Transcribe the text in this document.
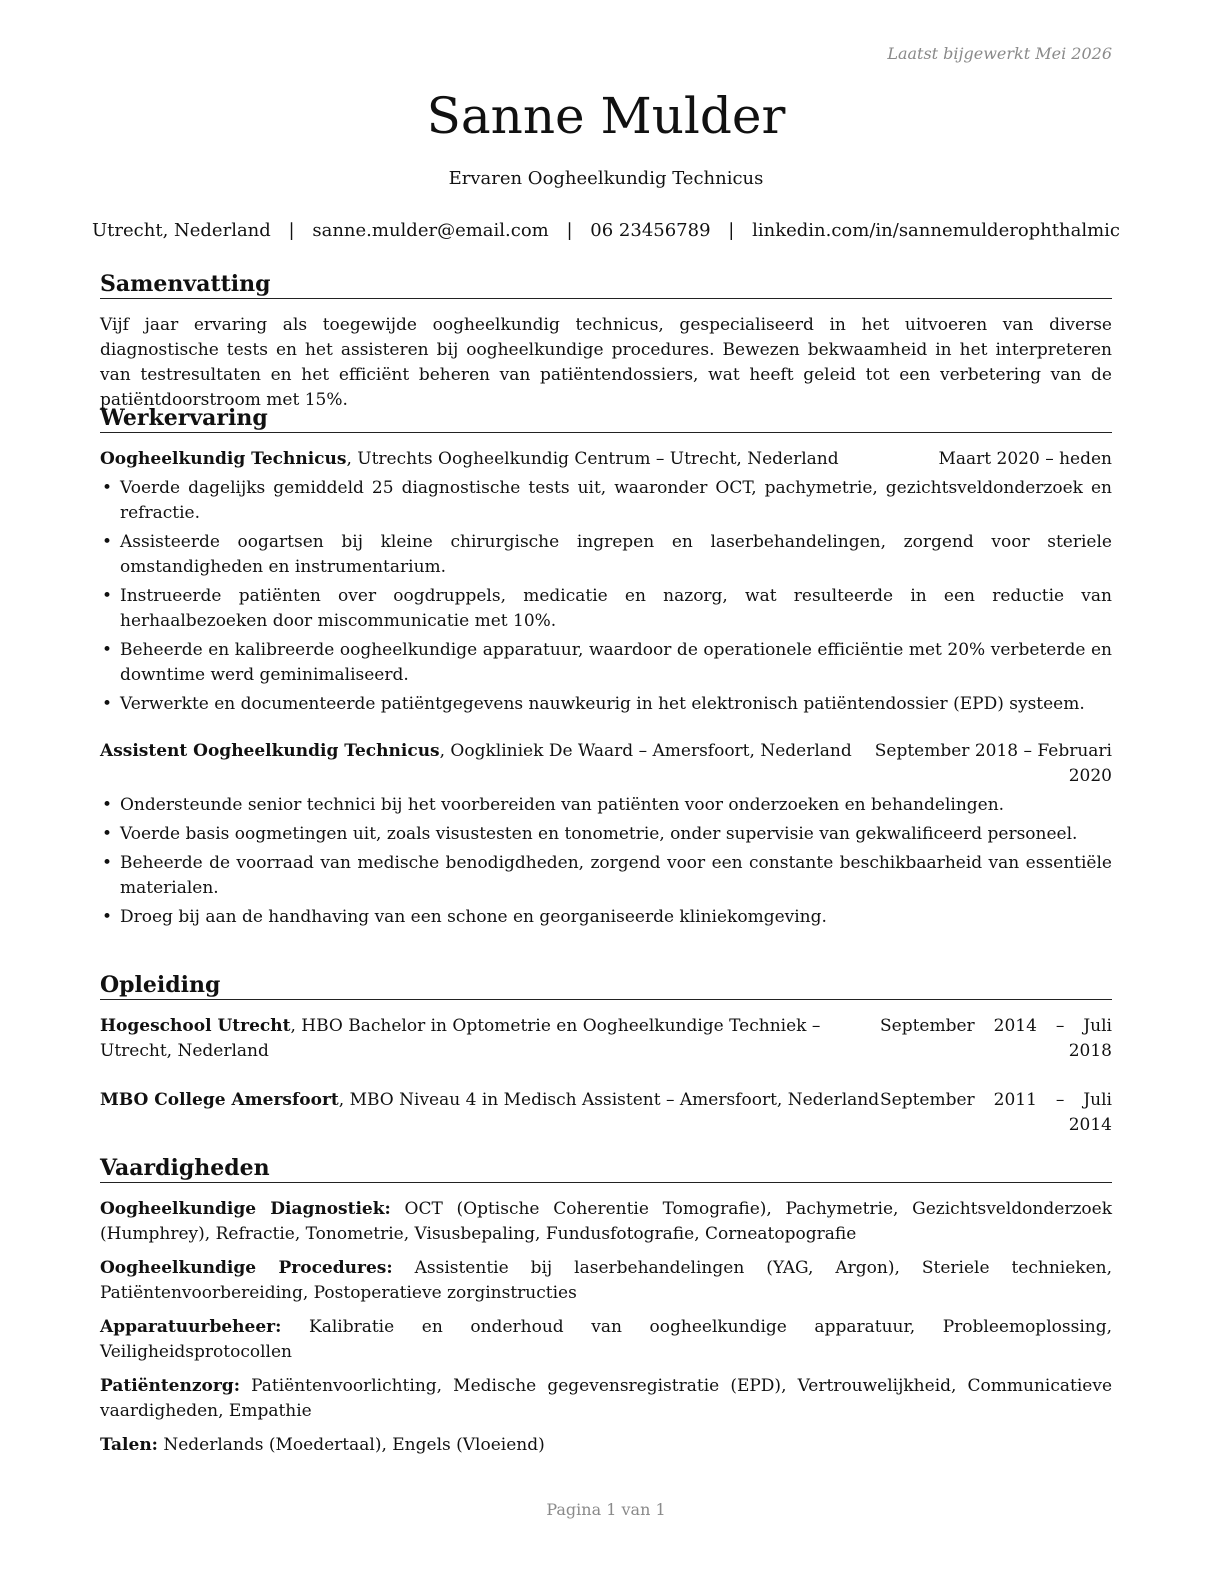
Laatst bijgewerkt Mei 2026
Sanne Mulder
Ervaren Oogheelkundig Technicus
Utrecht, Nederland | sanne.mulder@email.com | 06 23456789 | linkedin.com/in/sannemulderophthalmic
Samenvatting
Vijf jaar ervaring als toegewijde oogheelkundig technicus, gespecialiseerd in het uitvoeren van diverse diagnostische tests en het assisteren bij oogheelkundige procedures. Bewezen bekwaamheid in het interpreteren van testresultaten en het efficiënt beheren van patiëntendossiers, wat heeft geleid tot een verbetering van de patiëntdoorstroom met 15%.
Werkervaring
Oogheelkundig Technicus, Utrechts Oogheelkundig Centrum – Utrecht, Nederland	Maart 2020 – heden
• Voerde dagelijks gemiddeld 25 diagnostische tests uit, waaronder OCT, pachymetrie, gezichtsveldonderzoek en refractie.
• Assisteerde oogartsen bij kleine chirurgische ingrepen en laserbehandelingen, zorgend voor steriele omstandigheden en instrumentarium.
• Instrueerde patiënten over oogdruppels, medicatie en nazorg, wat resulteerde in een reductie van herhaalbezoeken door miscommunicatie met 10%.
• Beheerde en kalibreerde oogheelkundige apparatuur, waardoor de operationele efficiëntie met 20% verbeterde en downtime werd geminimaliseerd.
• Verwerkte en documenteerde patiëntgegevens nauwkeurig in het elektronisch patiëntendossier (EPD) systeem.
Assistent Oogheelkundig Technicus, Oogkliniek De Waard – Amersfoort, Nederland	September 2018 – Februari 2020
• Ondersteunde senior technici bij het voorbereiden van patiënten voor onderzoeken en behandelingen.
• Voerde basis oogmetingen uit, zoals visustesten en tonometrie, onder supervisie van gekwalificeerd personeel.
• Beheerde de voorraad van medische benodigdheden, zorgend voor een constante beschikbaarheid van essentiële materialen.
• Droeg bij aan de handhaving van een schone en georganiseerde kliniekomgeving.
Opleiding
Hogeschool Utrecht, HBO Bachelor in Optometrie en Oogheelkundige Techniek – Utrecht, Nederland
September 2014 – Juli 2018
MBO College Amersfoort, MBO Niveau 4 in Medisch Assistent – Amersfoort, Nederland September 2011 – Juli 2014
Vaardigheden
Oogheelkundige Diagnostiek: OCT (Optische Coherentie Tomografie), Pachymetrie, Gezichtsveldonderzoek (Humphrey), Refractie, Tonometrie, Visusbepaling, Fundusfotografie, Corneatopografie
Oogheelkundige Procedures: Assistentie bij laserbehandelingen (YAG, Argon), Steriele technieken, Patiëntenvoorbereiding, Postoperatieve zorginstructies
Apparatuurbeheer: Kalibratie en onderhoud van oogheelkundige apparatuur, Probleemoplossing, Veiligheidsprotocollen
Patiëntenzorg: Patiëntenvoorlichting, Medische gegevensregistratie (EPD), Vertrouwelijkheid, Communicatieve vaardigheden, Empathie
Talen: Nederlands (Moedertaal), Engels (Vloeiend)
Pagina 1 van 1
